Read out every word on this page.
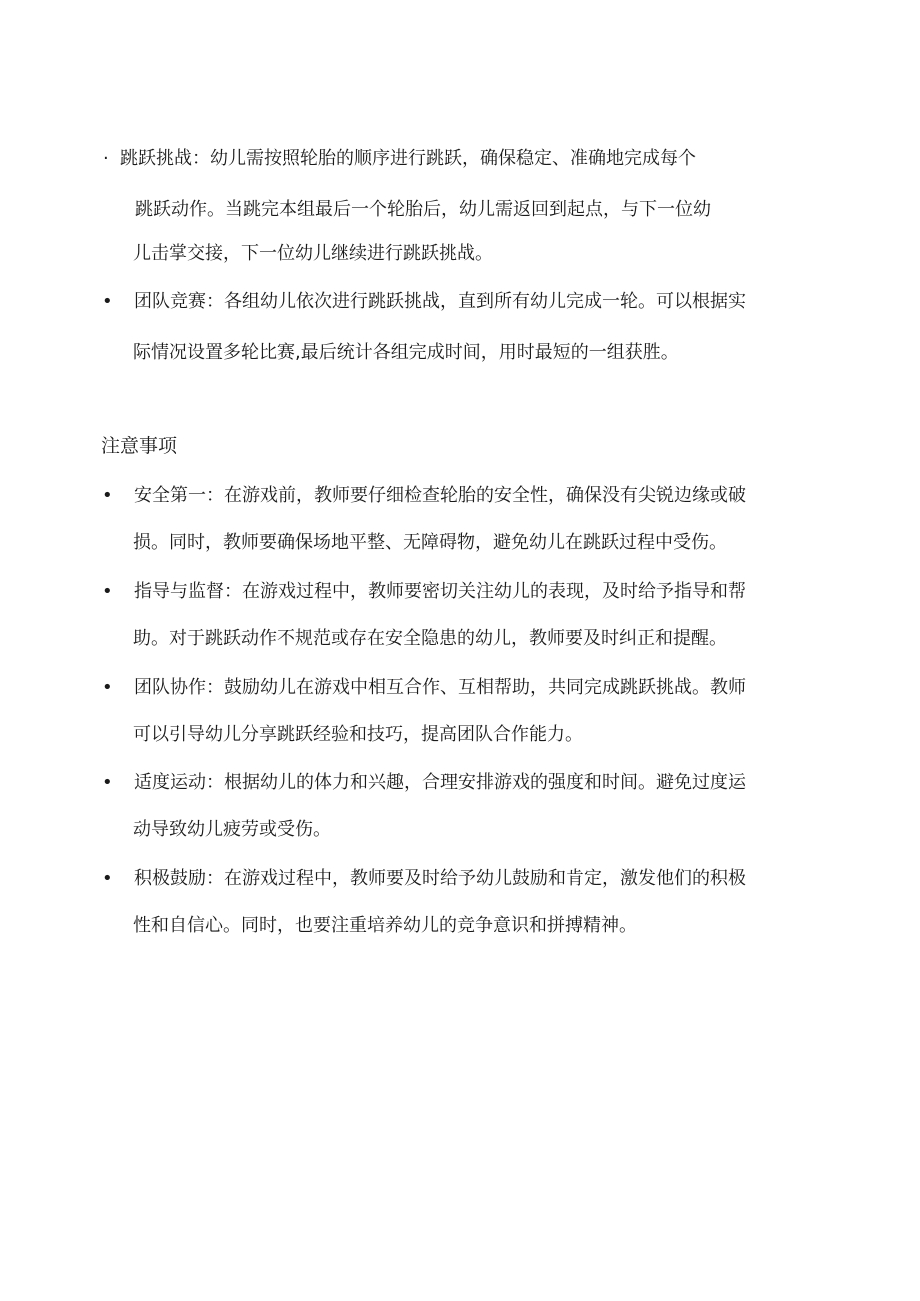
· 跳跃挑战：幼儿需按照轮胎的顺序进行跳跃，确保稳定、准确地完成每个
跳跃动作。当跳完本组最后一个轮胎后，幼儿需返回到起点，与下一位幼
儿击掌交接，下一位幼儿继续进行跳跃挑战。
• 团队竞赛：各组幼儿依次进行跳跃挑战，直到所有幼儿完成一轮。可以根据实
际情况设置多轮比赛,最后统计各组完成时间，用时最短的一组获胜。
注意事项
• 安全第一：在游戏前，教师要仔细检查轮胎的安全性，确保没有尖锐边缘或破
损。同时，教师要确保场地平整、无障碍物，避免幼儿在跳跃过程中受伤。
• 指导与监督：在游戏过程中，教师要密切关注幼儿的表现，及时给予指导和帮
助。对于跳跃动作不规范或存在安全隐患的幼儿，教师要及时纠正和提醒。
• 团队协作：鼓励幼儿在游戏中相互合作、互相帮助，共同完成跳跃挑战。教师
可以引导幼儿分享跳跃经验和技巧，提高团队合作能力。
• 适度运动：根据幼儿的体力和兴趣，合理安排游戏的强度和时间。避免过度运
动导致幼儿疲劳或受伤。
• 积极鼓励：在游戏过程中，教师要及时给予幼儿鼓励和肯定，激发他们的积极
性和自信心。同时，也要注重培养幼儿的竞争意识和拼搏精神。
